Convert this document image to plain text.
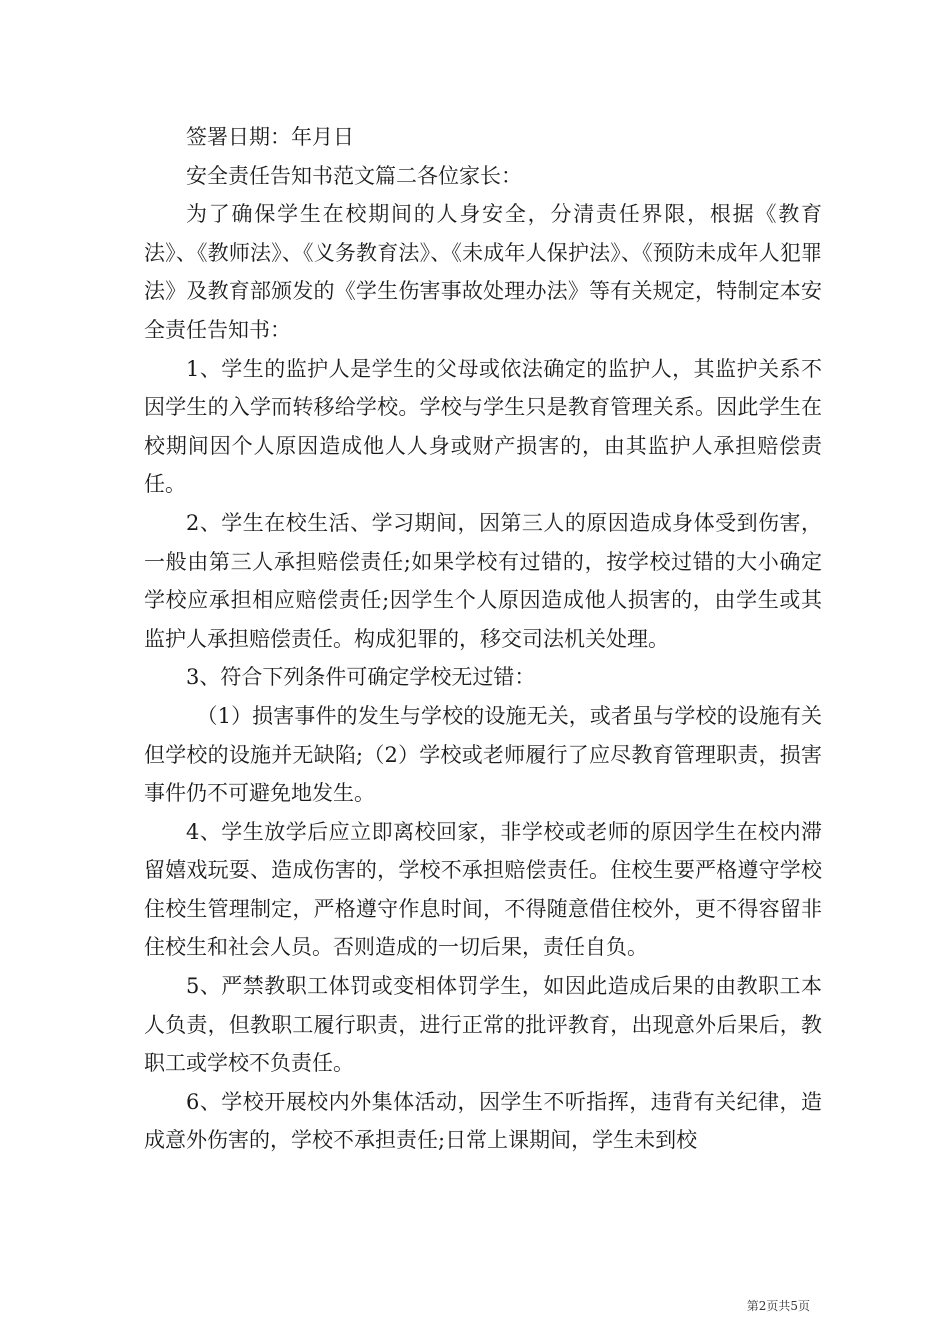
签署日期：年月日

安全责任告知书范文篇二各位家长：

为了确保学生在校期间的人身安全，分清责任界限，根据《教育法》、《教师法》、《义务教育法》、《未成年人保护法》、《预防未成年人犯罪法》及教育部颁发的《学生伤害事故处理办法》等有关规定，特制定本安全责任告知书：

1、学生的监护人是学生的父母或依法确定的监护人，其监护关系不因学生的入学而转移给学校。学校与学生只是教育管理关系。因此学生在校期间因个人原因造成他人人身或财产损害的，由其监护人承担赔偿责任。

2、学生在校生活、学习期间，因第三人的原因造成身体受到伤害，一般由第三人承担赔偿责任;如果学校有过错的，按学校过错的大小确定学校应承担相应赔偿责任;因学生个人原因造成他人损害的，由学生或其监护人承担赔偿责任。构成犯罪的，移交司法机关处理。

3、符合下列条件可确定学校无过错：

（1）损害事件的发生与学校的设施无关，或者虽与学校的设施有关但学校的设施并无缺陷;（2）学校或老师履行了应尽教育管理职责，损害事件仍不可避免地发生。

4、学生放学后应立即离校回家，非学校或老师的原因学生在校内滞留嬉戏玩耍、造成伤害的，学校不承担赔偿责任。住校生要严格遵守学校住校生管理制定，严格遵守作息时间，不得随意借住校外，更不得容留非住校生和社会人员。否则造成的一切后果，责任自负。

5、严禁教职工体罚或变相体罚学生，如因此造成后果的由教职工本人负责，但教职工履行职责，进行正常的批评教育，出现意外后果后，教职工或学校不负责任。

6、学校开展校内外集体活动，因学生不听指挥，违背有关纪律，造成意外伤害的，学校不承担责任;日常上课期间，学生未到校

第2页共5页
